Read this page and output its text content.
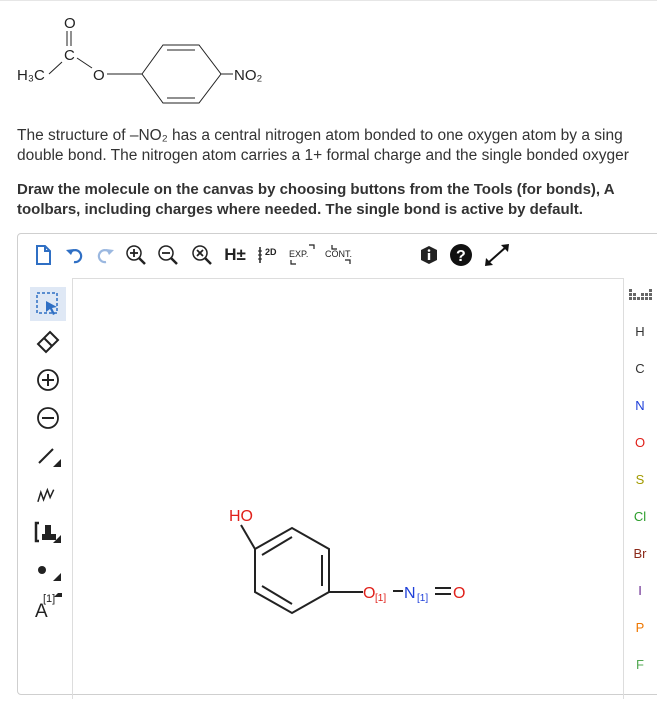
H₃C
C
O
O	NO₂
The structure of –NO₂ has a central nitrogen atom bonded to one oxygen atom by a sing
double bond. The nitrogen atom carries a 1+ formal charge and the single bonded oxyger
Draw the molecule on the canvas by choosing buttons from the Tools (for bonds), A
toolbars, including charges where needed. The single bond is active by default.
H±	2D EXP. CONT.	?
A
[1]
HO
O [1] N [1] O
H
C
N
O
S
Cl
Br
I
P
F
